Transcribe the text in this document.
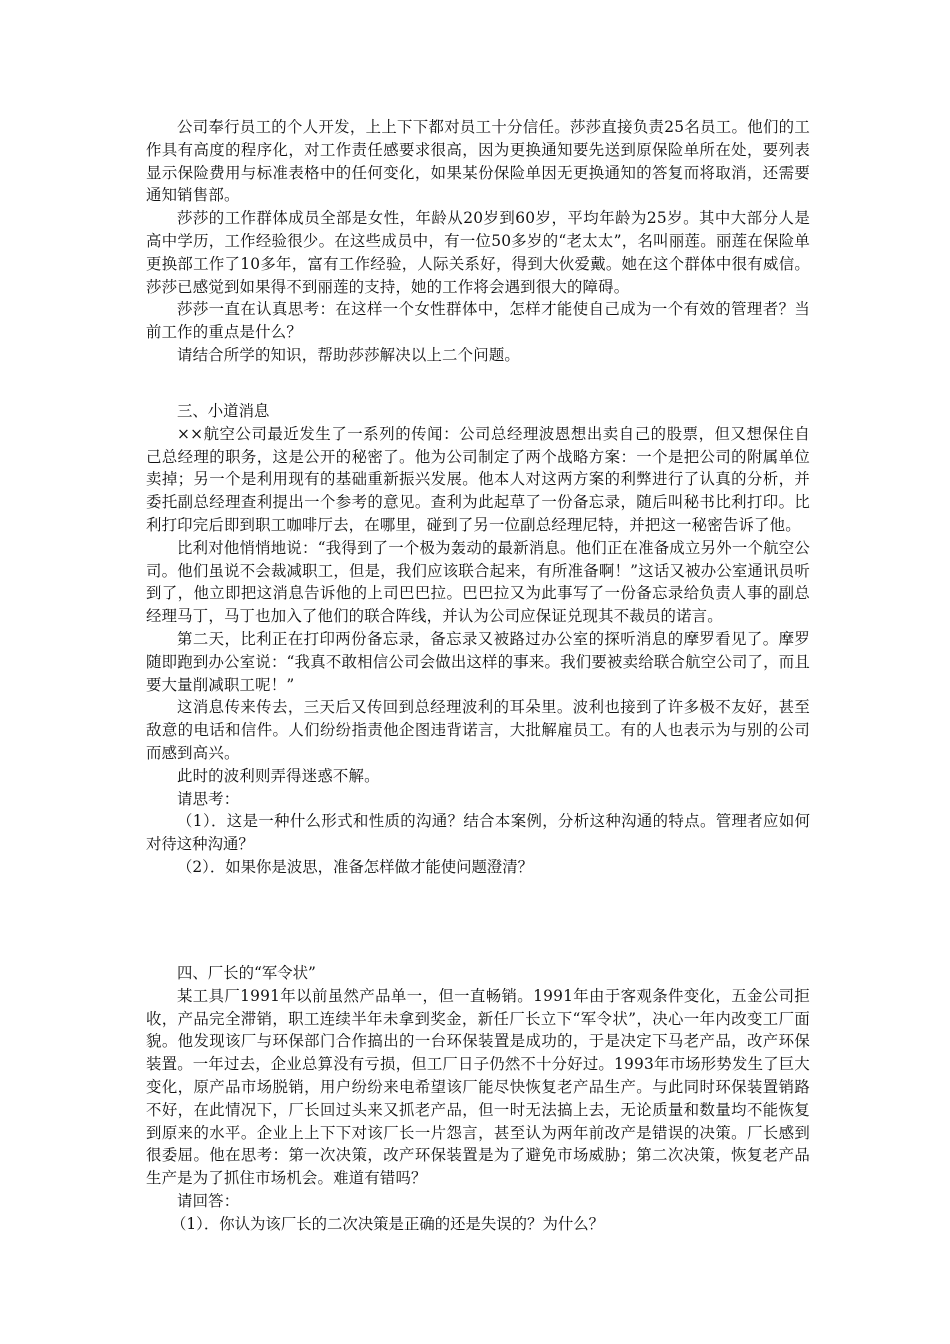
公司奉行员工的个人开发，上上下下都对员工十分信任。莎莎直接负责25名员工。他们的工作具有高度的程序化，对工作责任感要求很高，因为更换通知要先送到原保险单所在处，要列表显示保险费用与标准表格中的任何变化，如果某份保险单因无更换通知的答复而将取消，还需要通知销售部。

莎莎的工作群体成员全部是女性，年龄从20岁到60岁，平均年龄为25岁。其中大部分人是高中学历，工作经验很少。在这些成员中，有一位50多岁的“老太太”，名叫丽莲。丽莲在保险单更换部工作了10多年，富有工作经验，人际关系好，得到大伙爱戴。她在这个群体中很有威信。莎莎已感觉到如果得不到丽莲的支持，她的工作将会遇到很大的障碍。

莎莎一直在认真思考：在这样一个女性群体中，怎样才能使自己成为一个有效的管理者？当前工作的重点是什么？

请结合所学的知识，帮助莎莎解决以上二个问题。

三、小道消息

××航空公司最近发生了一系列的传闻：公司总经理波恩想出卖自己的股票，但又想保住自己总经理的职务，这是公开的秘密了。他为公司制定了两个战略方案：一个是把公司的附属单位卖掉；另一个是利用现有的基础重新振兴发展。他本人对这两方案的利弊进行了认真的分析，并委托副总经理查利提出一个参考的意见。查利为此起草了一份备忘录，随后叫秘书比利打印。比利打印完后即到职工咖啡厅去，在哪里，碰到了另一位副总经理尼特，并把这一秘密告诉了他。

比利对他悄悄地说：“我得到了一个极为轰动的最新消息。他们正在准备成立另外一个航空公司。他们虽说不会裁减职工，但是，我们应该联合起来，有所准备啊！”这话又被办公室通讯员听到了，他立即把这消息告诉他的上司巴巴拉。巴巴拉又为此事写了一份备忘录给负责人事的副总经理马丁，马丁也加入了他们的联合阵线，并认为公司应保证兑现其不裁员的诺言。

第二天，比利正在打印两份备忘录，备忘录又被路过办公室的探听消息的摩罗看见了。摩罗随即跑到办公室说：“我真不敢相信公司会做出这样的事来。我们要被卖给联合航空公司了，而且要大量削减职工呢！”

这消息传来传去，三天后又传回到总经理波利的耳朵里。波利也接到了许多极不友好，甚至敌意的电话和信件。人们纷纷指责他企图违背诺言，大批解雇员工。有的人也表示为与别的公司而感到高兴。

此时的波利则弄得迷惑不解。

请思考：

（1）．这是一种什么形式和性质的沟通？结合本案例，分析这种沟通的特点。管理者应如何对待这种沟通？

（2）．如果你是波思，准备怎样做才能使问题澄清？

四、厂长的“军令状”

某工具厂1991年以前虽然产品单一，但一直畅销。1991年由于客观条件变化，五金公司拒收，产品完全滞销，职工连续半年未拿到奖金，新任厂长立下“军令状”，决心一年内改变工厂面貌。他发现该厂与环保部门合作搞出的一台环保装置是成功的，于是决定下马老产品，改产环保装置。一年过去，企业总算没有亏损，但工厂日子仍然不十分好过。1993年市场形势发生了巨大变化，原产品市场脱销，用户纷纷来电希望该厂能尽快恢复老产品生产。与此同时环保装置销路不好，在此情况下，厂长回过头来又抓老产品，但一时无法搞上去，无论质量和数量均不能恢复到原来的水平。企业上上下下对该厂长一片怨言，甚至认为两年前改产是错误的决策。厂长感到很委屈。他在思考：第一次决策，改产环保装置是为了避免市场威胁；第二次决策，恢复老产品生产是为了抓住市场机会。难道有错吗？

请回答：

（1）．你认为该厂长的二次决策是正确的还是失误的？为什么？
